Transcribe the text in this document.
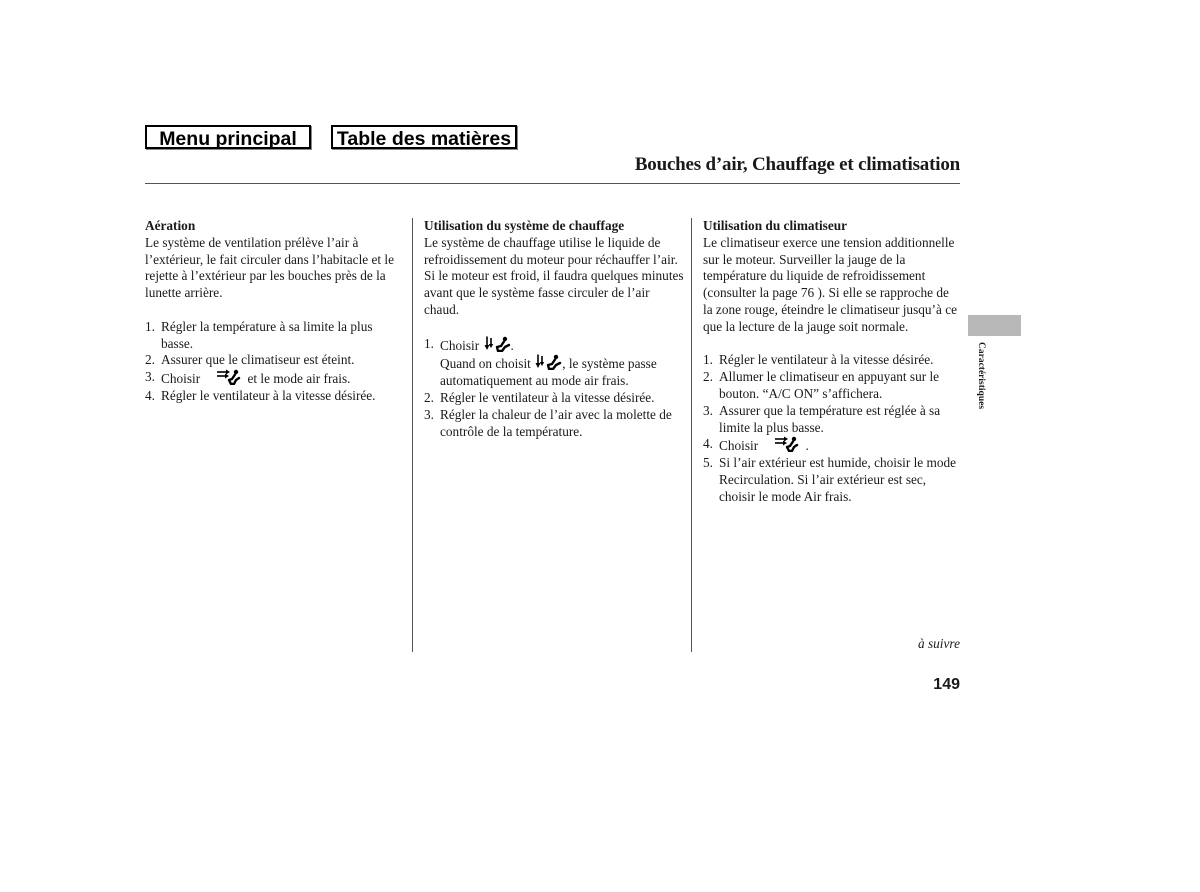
Menu principal	Table des matières
Bouches d’air, Chauffage et climatisation
Aération

Le système de ventilation prélève l’air à l’extérieur, le fait circuler dans l’habitacle et le rejette à l’extérieur par les bouches près de la lunette arrière.

1. Régler la température à sa limite la plus basse.
2. Assurer que le climatiseur est éteint.
3. Choisir	et le mode air frais.
4. Régler le ventilateur à la vitesse désirée.
Utilisation du système de chauffage

Le système de chauffage utilise le liquide de refroidissement du moteur pour réchauffer l’air. Si le moteur est froid, il faudra quelques minutes avant que le système fasse circuler de l’air chaud.

1. Choisir .
Quand on choisit , le système passe automatiquement au mode air frais.
2. Régler le ventilateur à la vitesse désirée.
3. Régler la chaleur de l’air avec la molette de contrôle de la température.
Utilisation du climatiseur

Le climatiseur exerce une tension additionnelle sur le moteur. Surveiller la jauge de la température du liquide de refroidissement (consulter la page 76 ). Si elle se rapproche de la zone rouge, éteindre le climatiseur jusqu’à ce que la lecture de la jauge soit normale.

1. Régler le ventilateur à la vitesse désirée.
2. Allumer le climatiseur en appuyant sur le bouton. “A/C ON” s’affichera.
3. Assurer que la température est réglée à sa limite la plus basse.
4. Choisir	.
5. Si l’air extérieur est humide, choisir le mode Recirculation. Si l’air extérieur est sec, choisir le mode Air frais.
Caractéristiques
à suivre
149
